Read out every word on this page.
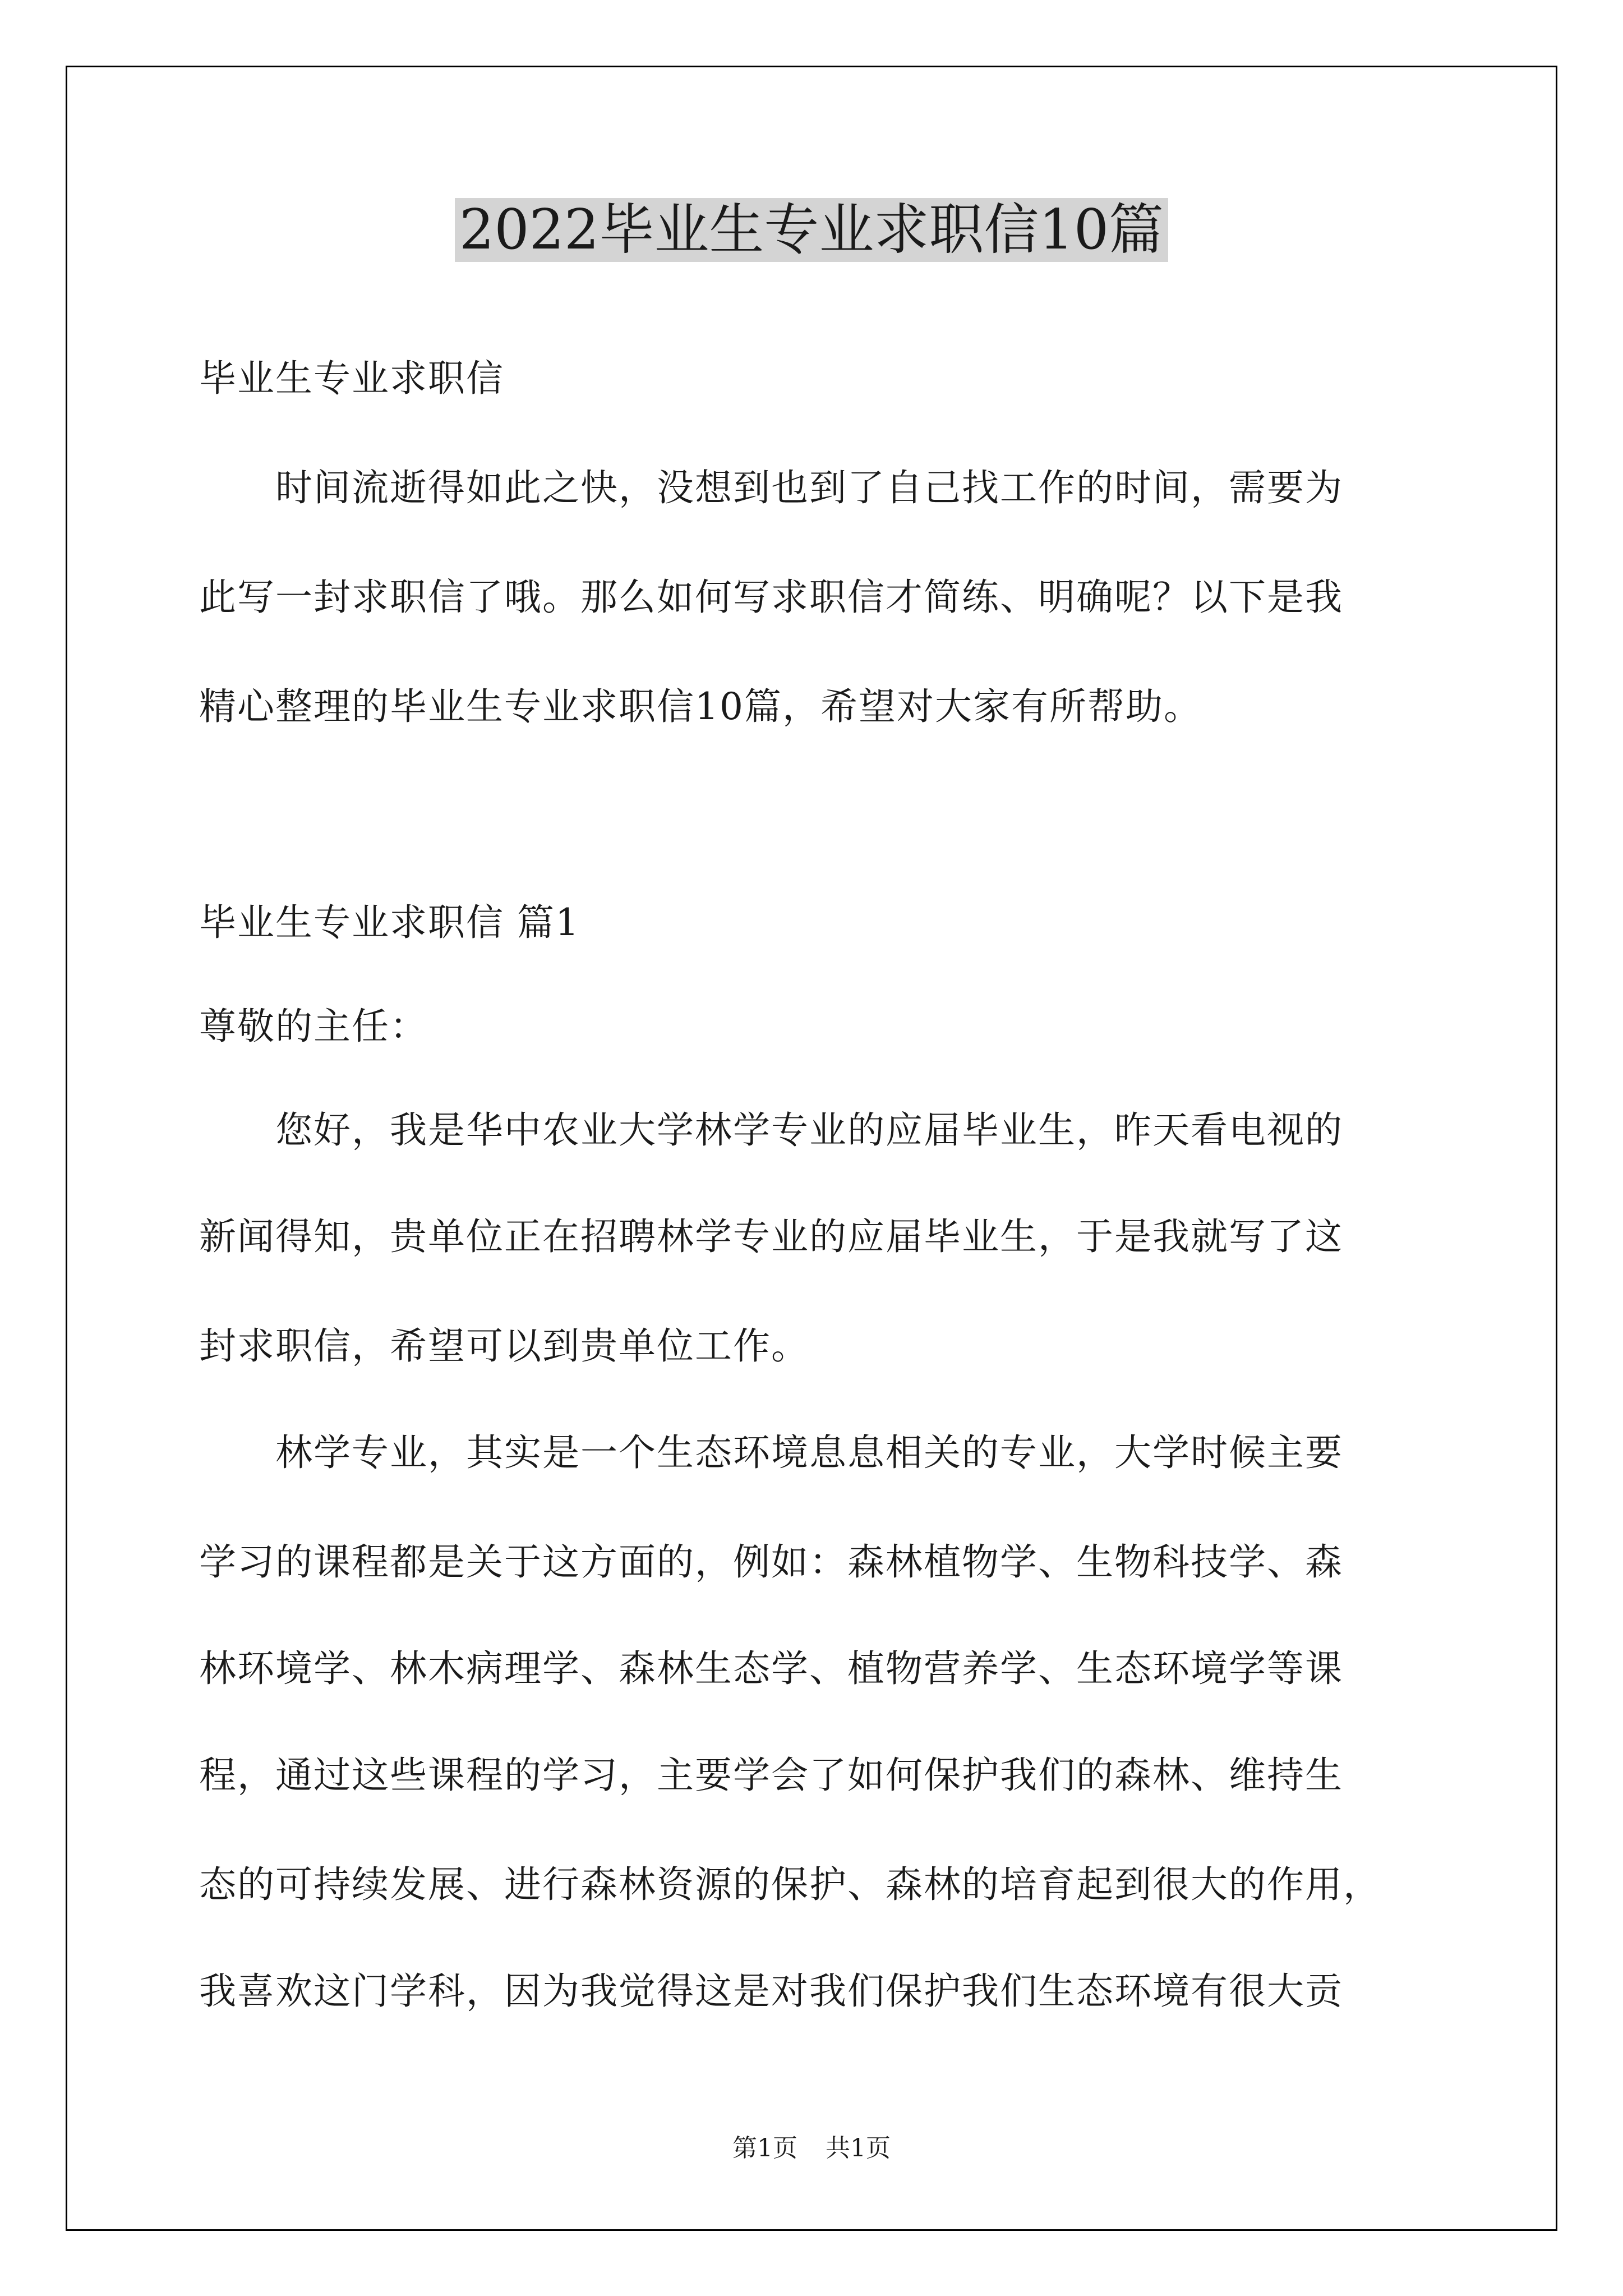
2022毕业生专业求职信10篇
毕业生专业求职信
　　时间流逝得如此之快，没想到也到了自己找工作的时间，需要为
此写一封求职信了哦。那么如何写求职信才简练、明确呢？以下是我
精心整理的毕业生专业求职信10篇，希望对大家有所帮助。
毕业生专业求职信 篇1
尊敬的主任：
　　您好，我是华中农业大学林学专业的应届毕业生，昨天看电视的
新闻得知，贵单位正在招聘林学专业的应届毕业生，于是我就写了这
封求职信，希望可以到贵单位工作。
　　林学专业，其实是一个生态环境息息相关的专业，大学时候主要
学习的课程都是关于这方面的，例如：森林植物学、生物科技学、森
林环境学、林木病理学、森林生态学、植物营养学、生态环境学等课
程，通过这些课程的学习，主要学会了如何保护我们的森林、维持生
态的可持续发展、进行森林资源的保护、森林的培育起到很大的作用，
我喜欢这门学科，因为我觉得这是对我们保护我们生态环境有很大贡
第1页 共1页
